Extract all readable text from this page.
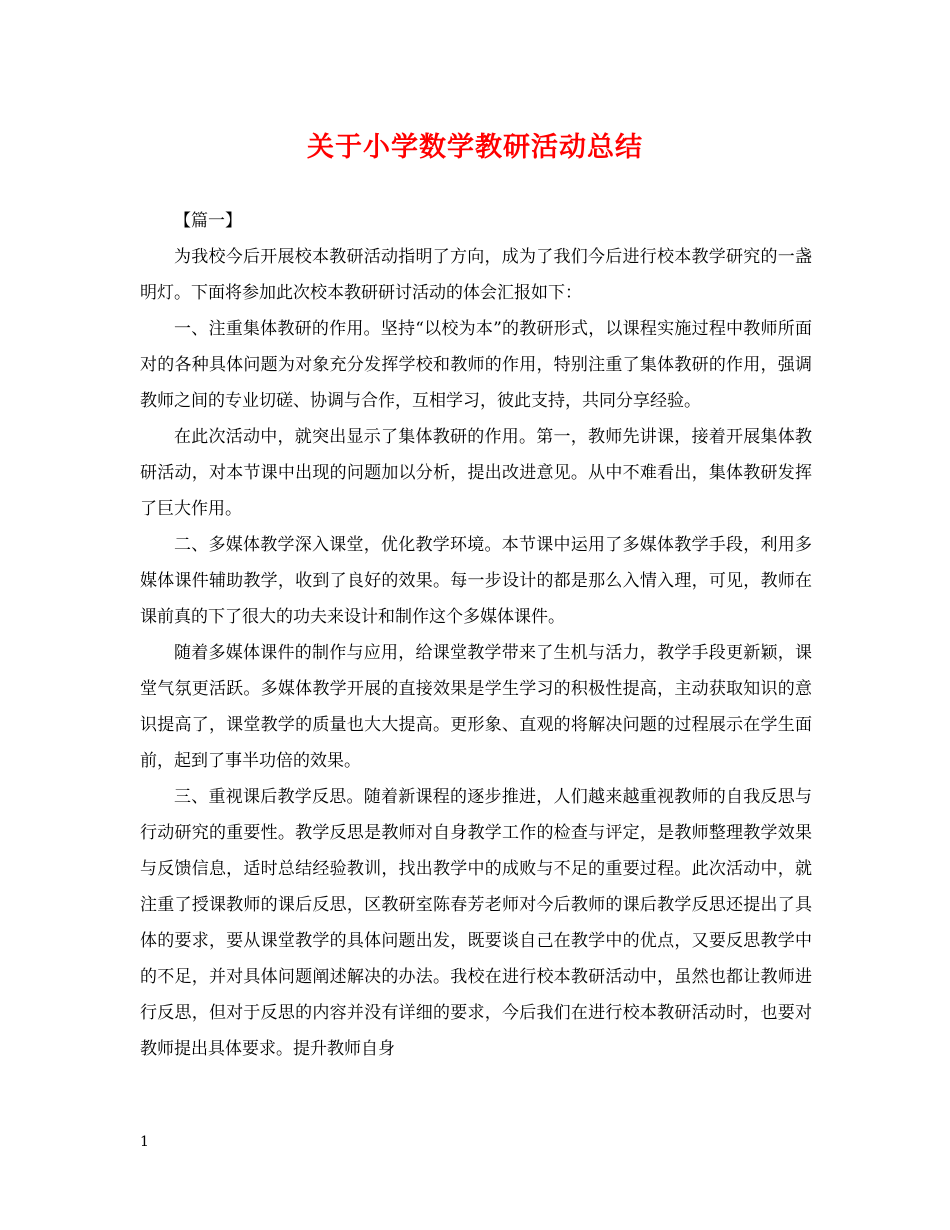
关于小学数学教研活动总结

【篇一】

为我校今后开展校本教研活动指明了方向，成为了我们今后进行校本教学研究的一盏明灯。下面将参加此次校本教研研讨活动的体会汇报如下：

一、注重集体教研的作用。坚持“以校为本”的教研形式，以课程实施过程中教师所面对的各种具体问题为对象充分发挥学校和教师的作用，特别注重了集体教研的作用，强调教师之间的专业切磋、协调与合作，互相学习，彼此支持，共同分享经验。

在此次活动中，就突出显示了集体教研的作用。第一，教师先讲课，接着开展集体教研活动，对本节课中出现的问题加以分析，提出改进意见。从中不难看出，集体教研发挥了巨大作用。

二、多媒体教学深入课堂，优化教学环境。本节课中运用了多媒体教学手段，利用多媒体课件辅助教学，收到了良好的效果。每一步设计的都是那么入情入理，可见，教师在课前真的下了很大的功夫来设计和制作这个多媒体课件。

随着多媒体课件的制作与应用，给课堂教学带来了生机与活力，教学手段更新颖，课堂气氛更活跃。多媒体教学开展的直接效果是学生学习的积极性提高，主动获取知识的意识提高了，课堂教学的质量也大大提高。更形象、直观的将解决问题的过程展示在学生面前，起到了事半功倍的效果。

三、重视课后教学反思。随着新课程的逐步推进，人们越来越重视教师的自我反思与行动研究的重要性。教学反思是教师对自身教学工作的检查与评定，是教师整理教学效果与反馈信息，适时总结经验教训，找出教学中的成败与不足的重要过程。此次活动中，就注重了授课教师的课后反思，区教研室陈春芳老师对今后教师的课后教学反思还提出了具体的要求，要从课堂教学的具体问题出发，既要谈自己在教学中的优点，又要反思教学中的不足，并对具体问题阐述解决的办法。我校在进行校本教研活动中，虽然也都让教师进行反思，但对于反思的内容并没有详细的要求，今后我们在进行校本教研活动时，也要对教师提出具体要求。提升教师自身

1
